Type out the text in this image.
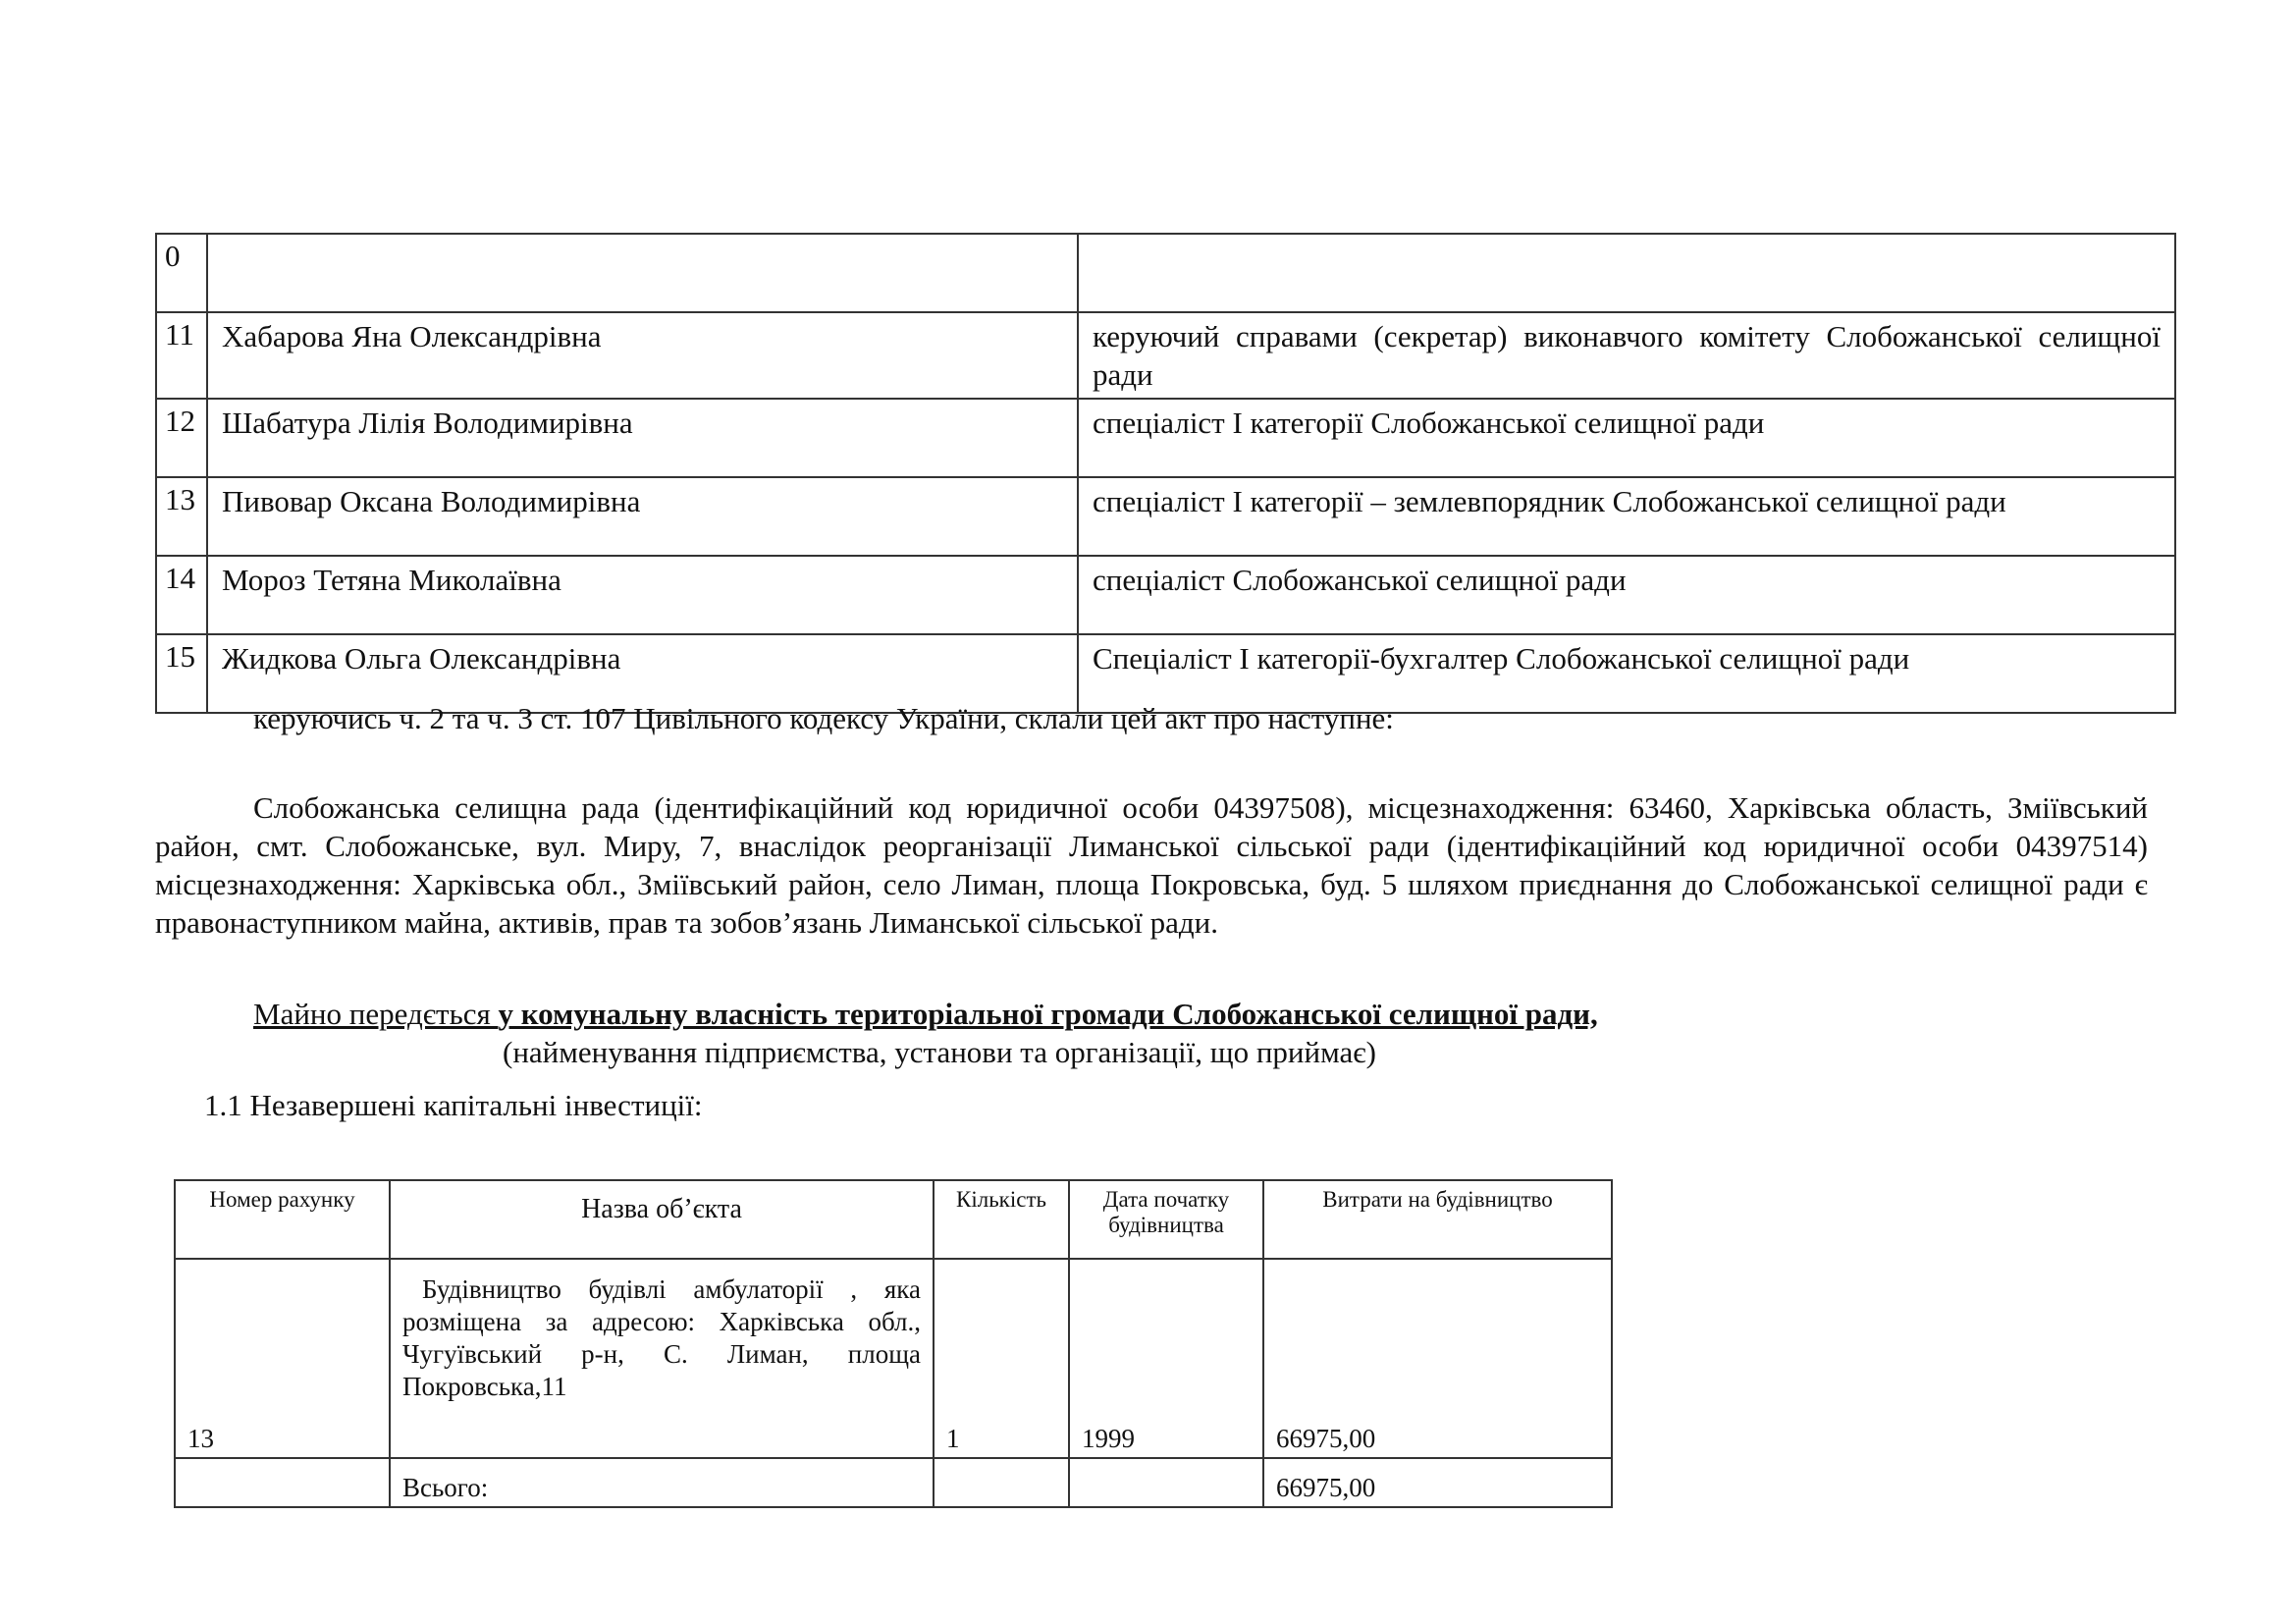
0		
11	Хабарова Яна Олександрівна	керуючий справами (секретар) виконавчого комітету Слобожанської селищної ради
12	Шабатура Лілія Володимирівна	спеціаліст І категорії Слобожанської селищної ради
13	Пивовар Оксана Володимирівна	спеціаліст І категорії – землевпорядник Слобожанської селищної ради
14	Мороз Тетяна Миколаївна	спеціаліст Слобожанської селищної ради
15	Жидкова Ольга Олександрівна	Спеціаліст І категорії-бухгалтер Слобожанської селищної ради
керуючись ч. 2 та ч. 3 ст. 107 Цивільного кодексу України, склали цей акт про наступне:
Слобожанська селищна рада (ідентифікаційний код юридичної особи 04397508), місцезнаходження: 63460, Харківська область, Зміївський район, смт. Слобожанське, вул. Миру, 7, внаслідок реорганізації Лиманської сільської ради (ідентифікаційний код юридичної особи 04397514) місцезнаходження: Харківська обл., Зміївський район, село Лиман, площа Покровська, буд. 5 шляхом приєднання до Слобожанської селищної ради є правонаступником майна, активів, прав та зобов’язань Лиманської сільської ради.
Майно передється у комунальну власність територіальної громади Слобожанської селищної ради,
(найменування підприємства, установи та організації, що приймає)
1.1 Незавершені капітальні інвестиції:
Номер рахунку	Назва об’єкта	Кількість	Дата початку будівництва	Витрати на будівництво
13	Будівництво будівлі амбулаторії , яка розміщена за адресою: Харківська обл., Чугуївський р-н, С. Лиман, площа Покровська,11	1	1999	66975,00
	Всього:			66975,00
